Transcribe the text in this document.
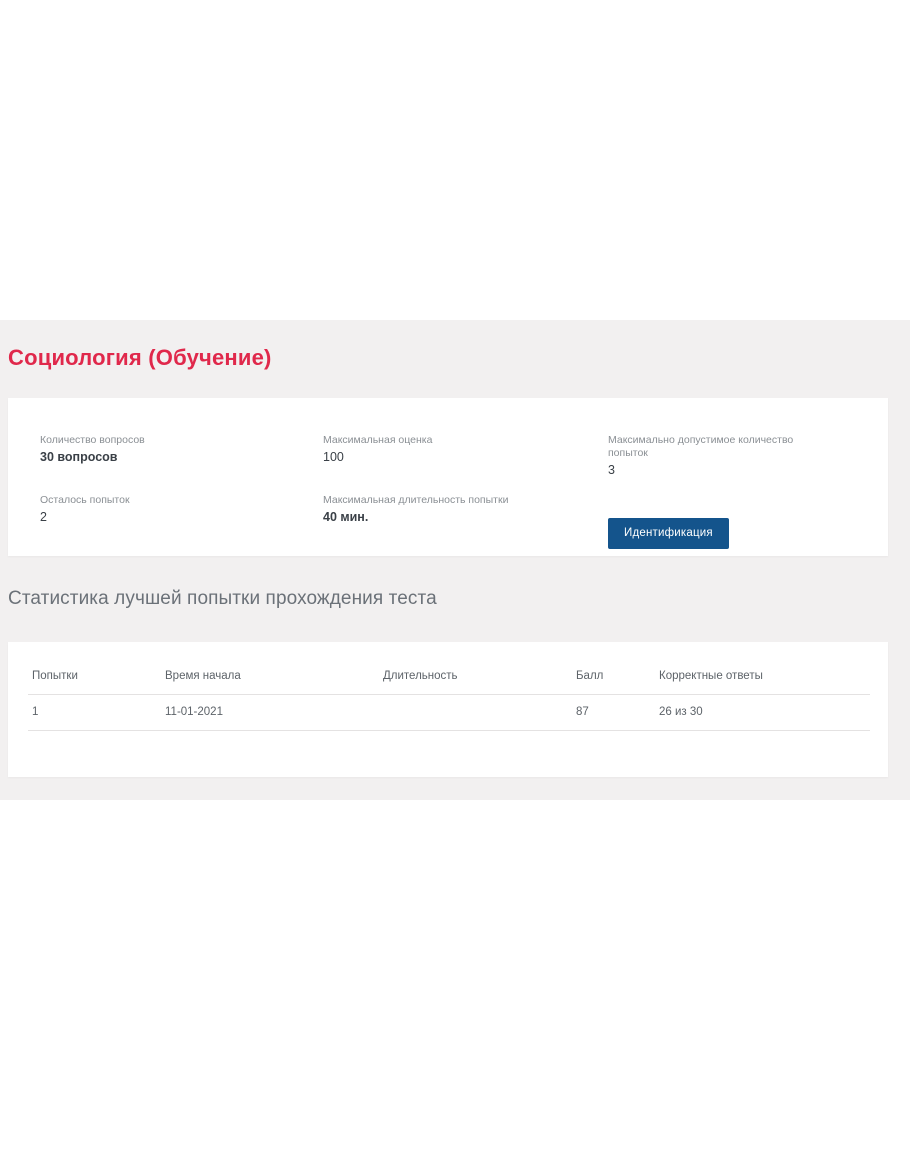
Социология (Обучение)
Количество вопросов
30 вопросов
Максимальная оценка
100
Максимально допустимое количество попыток
3
Осталось попыток
2
Максимальная длительность попытки
40 мин.
Идентификация
Статистика лучшей попытки прохождения теста
Попытки	Время начала	Длительность	Балл	Корректные ответы
1	11-01-2021		87	26 из 30
